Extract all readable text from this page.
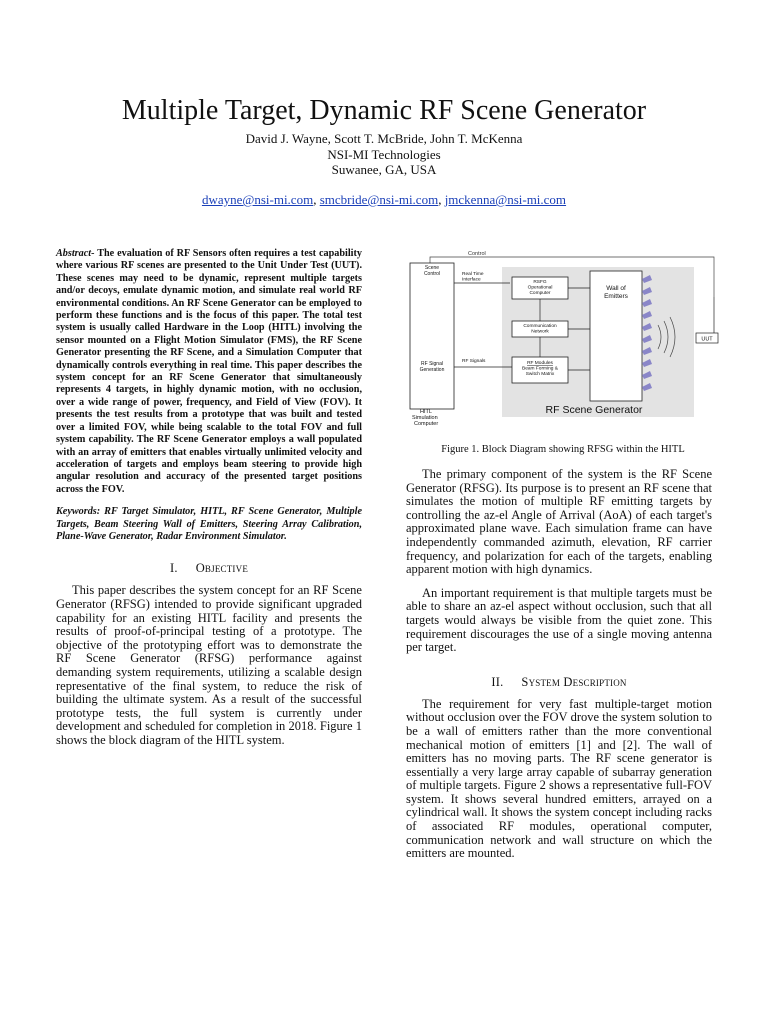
Multiple Target, Dynamic RF Scene Generator
David J. Wayne, Scott T. McBride, John T. McKenna
NSI-MI Technologies
Suwanee, GA, USA
dwayne@nsi-mi.com, smcbride@nsi-mi.com, jmckenna@nsi-mi.com
Abstract- The evaluation of RF Sensors often requires a test capability where various RF scenes are presented to the Unit Under Test (UUT). These scenes may need to be dynamic, represent multiple targets and/or decoys, emulate dynamic motion, and simulate real world RF environmental conditions. An RF Scene Generator can be employed to perform these functions and is the focus of this paper. The total test system is usually called Hardware in the Loop (HITL) involving the sensor mounted on a Flight Motion Simulator (FMS), the RF Scene Generator presenting the RF Scene, and a Simulation Computer that dynamically controls everything in real time. This paper describes the system concept for an RF Scene Generator that simultaneously represents 4 targets, in highly dynamic motion, with no occlusion, over a wide range of power, frequency, and Field of View (FOV). It presents the test results from a prototype that was built and tested over a limited FOV, while being scalable to the total FOV and full system capability. The RF Scene Generator employs a wall populated with an array of emitters that enables virtually unlimited velocity and acceleration of targets and employs beam steering to provide high angular resolution and accuracy of the presented target positions across the FOV.
Keywords: RF Target Simulator, HITL, RF Scene Generator, Multiple Targets, Beam Steering Wall of Emitters, Steering Array Calibration, Plane-Wave Generator, Radar Environment Simulator.
I. Objective

This paper describes the system concept for an RF Scene Generator (RFSG) intended to provide significant upgraded capability for an existing HITL facility and presents the results of proof-of-principal testing of a prototype. The objective of the prototyping effort was to demonstrate the RF Scene Generator (RFSG) performance against demanding system requirements, utilizing a scalable design representative of the final system, to reduce the risk of building the ultimate system. As a result of the successful prototype tests, the full system is currently under development and scheduled for completion in 2018. Figure 1 shows the block diagram of the HITL system.

Control
Scene Control
RF Signal Generation
HITL Simulation Computer
RF Scene Generator
Real Time Interface	RSFG Operational Computer
Communication Network
RF Modules Beam Forming & Switch Matrix
RF Signals
Wall of Emitters
UUT
Figure 1. Block Diagram showing RFSG within the HITL

The primary component of the system is the RF Scene Generator (RFSG). Its purpose is to present an RF scene that simulates the motion of multiple RF emitting targets by controlling the az-el Angle of Arrival (AoA) of each target's approximated plane wave. Each simulation frame can have independently commanded azimuth, elevation, RF carrier frequency, and polarization for each of the targets, enabling apparent motion with high dynamics.

An important requirement is that multiple targets must be able to share an az-el aspect without occlusion, such that all targets would always be visible from the quiet zone. This requirement discourages the use of a single moving antenna per target.

II. System Description

The requirement for very fast multiple-target motion without occlusion over the FOV drove the system solution to be a wall of emitters rather than the more conventional mechanical motion of emitters [1] and [2]. The wall of emitters has no moving parts. The RF scene generator is essentially a very large array capable of subarray generation of multiple targets. Figure 2 shows a representative full-FOV system. It shows several hundred emitters, arrayed on a cylindrical wall. It shows the system concept including racks of associated RF modules, operational computer, communication network and wall structure on which the emitters are mounted.
